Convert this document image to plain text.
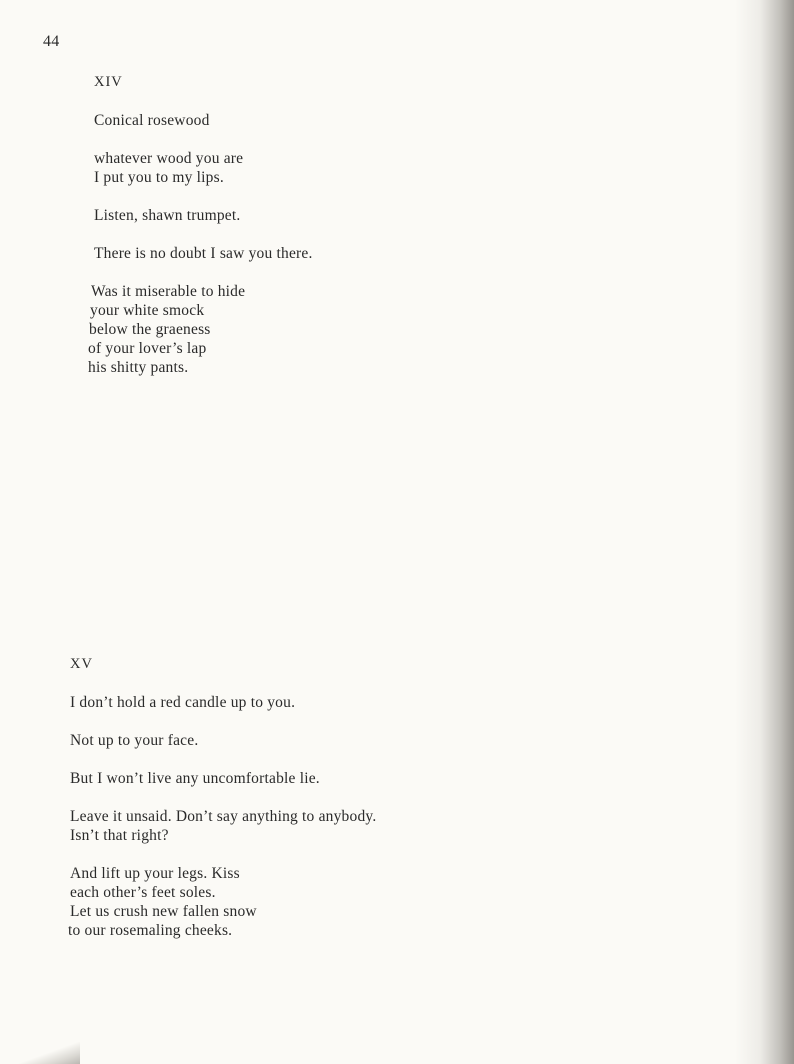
44
XIV
Conical rosewood
whatever wood you are
I put you to my lips.
Listen, shawn trumpet.
There is no doubt I saw you there.
Was it miserable to hide
your white smock
below the graeness
of your lover’s lap
his shitty pants.
XV
I don’t hold a red candle up to you.
Not up to your face.
But I won’t live any uncomfortable lie.
Leave it unsaid. Don’t say anything to anybody.
Isn’t that right?
And lift up your legs. Kiss
each other’s feet soles.
Let us crush new fallen snow
to our rosemaling cheeks.
